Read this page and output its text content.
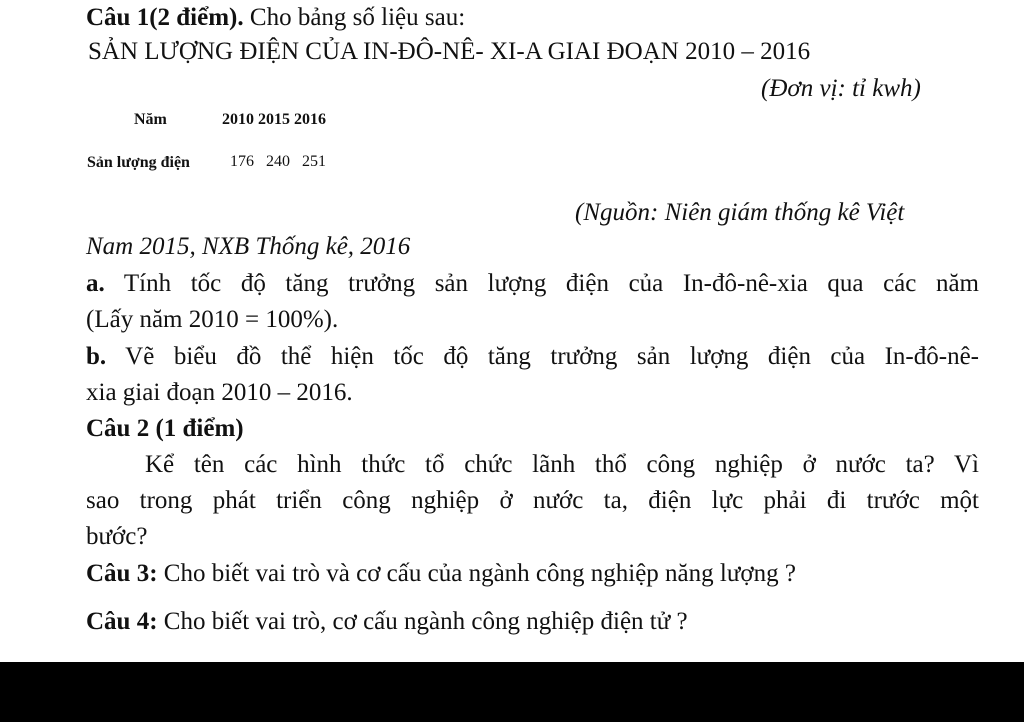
Câu 1(2 điểm). Cho bảng số liệu sau:

SẢN LƯỢNG ĐIỆN CỦA IN-ĐÔ-NÊ- XI-A GIAI ĐOẠN 2010 – 2016

(Đơn vị: tỉ kwh)

Năm	2010 2015 2016

Sản lượng điện	176   240   251

(Nguồn: Niên giám thống kê Việt

Nam 2015, NXB Thống kê, 2016

a. Tính tốc độ tăng trưởng sản lượng điện của In-đô-nê-xia qua các năm

(Lấy năm 2010 = 100%).

b. Vẽ biểu đồ thể hiện tốc độ tăng trưởng sản lượng điện của In-đô-nê-

xia giai đoạn 2010 – 2016.

Câu 2 (1 điểm)

Kể tên các hình thức tổ chức lãnh thổ công nghiệp ở nước ta? Vì

sao trong phát triển công nghiệp ở nước ta, điện lực phải đi trước một

bước?

Câu 3: Cho biết vai trò và cơ cấu của ngành công nghiệp năng lượng ?

Câu 4: Cho biết vai trò, cơ cấu ngành công nghiệp điện tử ?
